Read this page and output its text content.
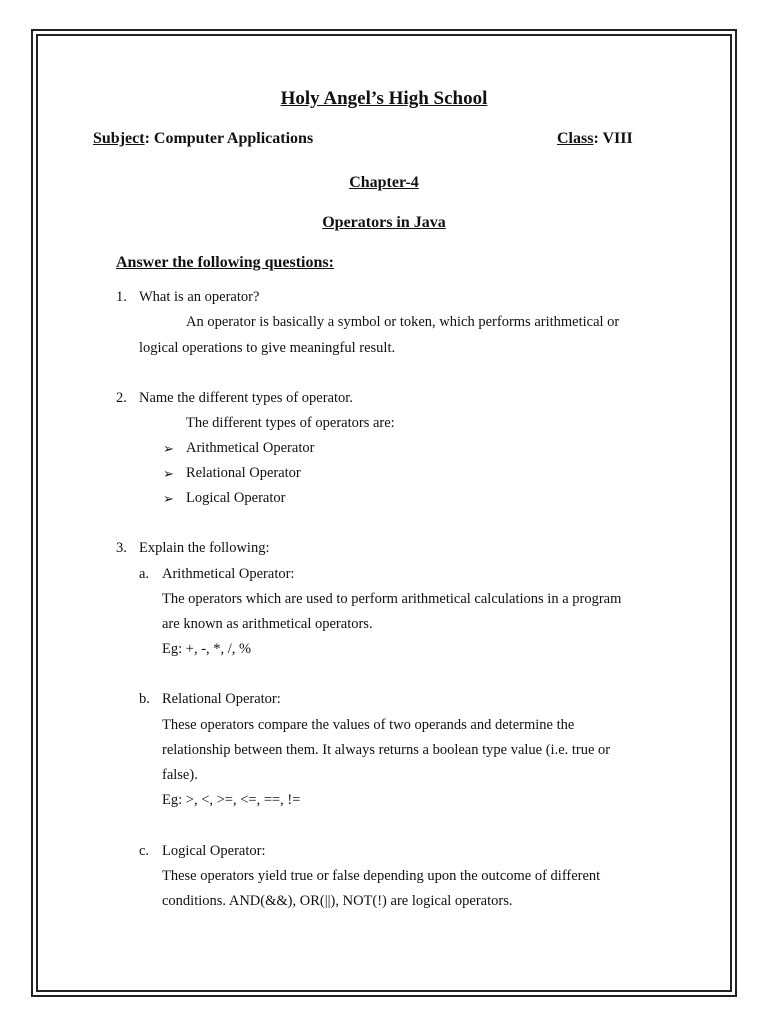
Holy Angel’s High School
Subject: Computer Applications	Class: VIII
Chapter-4
Operators in Java
Answer the following questions:
1. What is an operator?
An operator is basically a symbol or token, which performs arithmetical or
logical operations to give meaningful result.
2. Name the different types of operator.
The different types of operators are:
➢ Arithmetical Operator
➢ Relational Operator
➢ Logical Operator
3. Explain the following:
a. Arithmetical Operator:
The operators which are used to perform arithmetical calculations in a program
are known as arithmetical operators.
Eg: +, -, *, /, %
b. Relational Operator:
These operators compare the values of two operands and determine the
relationship between them. It always returns a boolean type value (i.e. true or
false).
Eg: >, <, >=, <=, ==, !=
c. Logical Operator:
These operators yield true or false depending upon the outcome of different
conditions. AND(&&), OR(||), NOT(!) are logical operators.
